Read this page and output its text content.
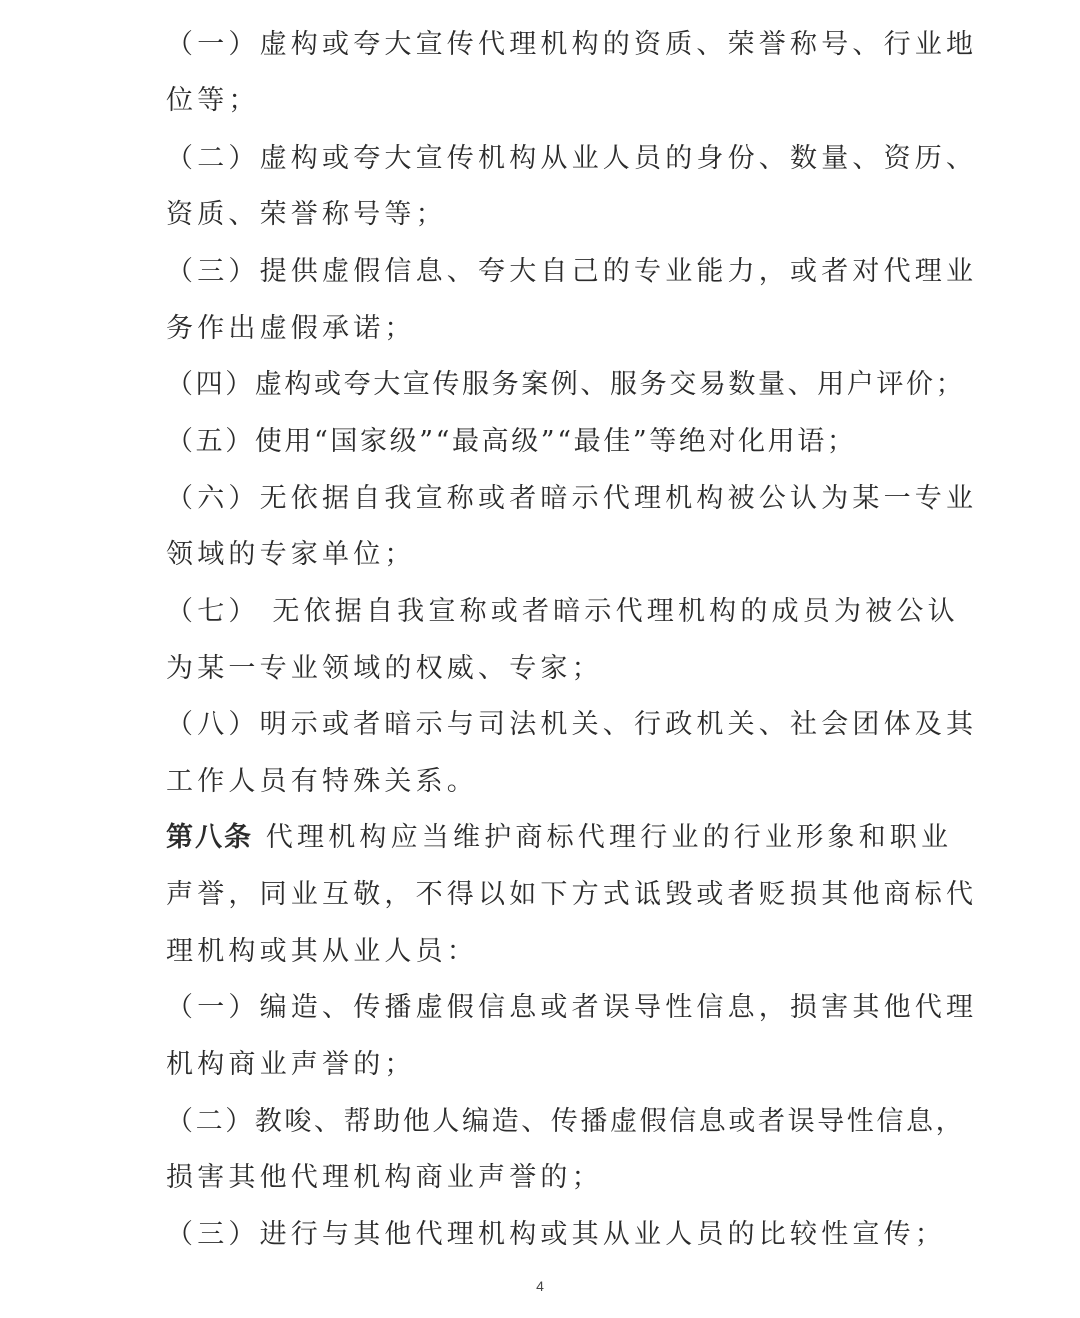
（一）虚构或夸大宣传代理机构的资质、荣誉称号、行业地
位等；
（二）虚构或夸大宣传机构从业人员的身份、数量、资历、
资质、荣誉称号等；
（三）提供虚假信息、夸大自己的专业能力，或者对代理业
务作出虚假承诺；
（四）虚构或夸大宣传服务案例、服务交易数量、用户评价；
（五）使用“国家级”“最高级”“最佳”等绝对化用语；
（六）无依据自我宣称或者暗示代理机构被公认为某一专业
领域的专家单位；
（七） 无依据自我宣称或者暗示代理机构的成员为被公认
为某一专业领域的权威、专家；
（八）明示或者暗示与司法机关、行政机关、社会团体及其
工作人员有特殊关系。
第八条 代理机构应当维护商标代理行业的行业形象和职业
声誉，同业互敬，不得以如下方式诋毁或者贬损其他商标代
理机构或其从业人员：
（一）编造、传播虚假信息或者误导性信息，损害其他代理
机构商业声誉的；
（二）教唆、帮助他人编造、传播虚假信息或者误导性信息，
损害其他代理机构商业声誉的；
（三）进行与其他代理机构或其从业人员的比较性宣传；
4
